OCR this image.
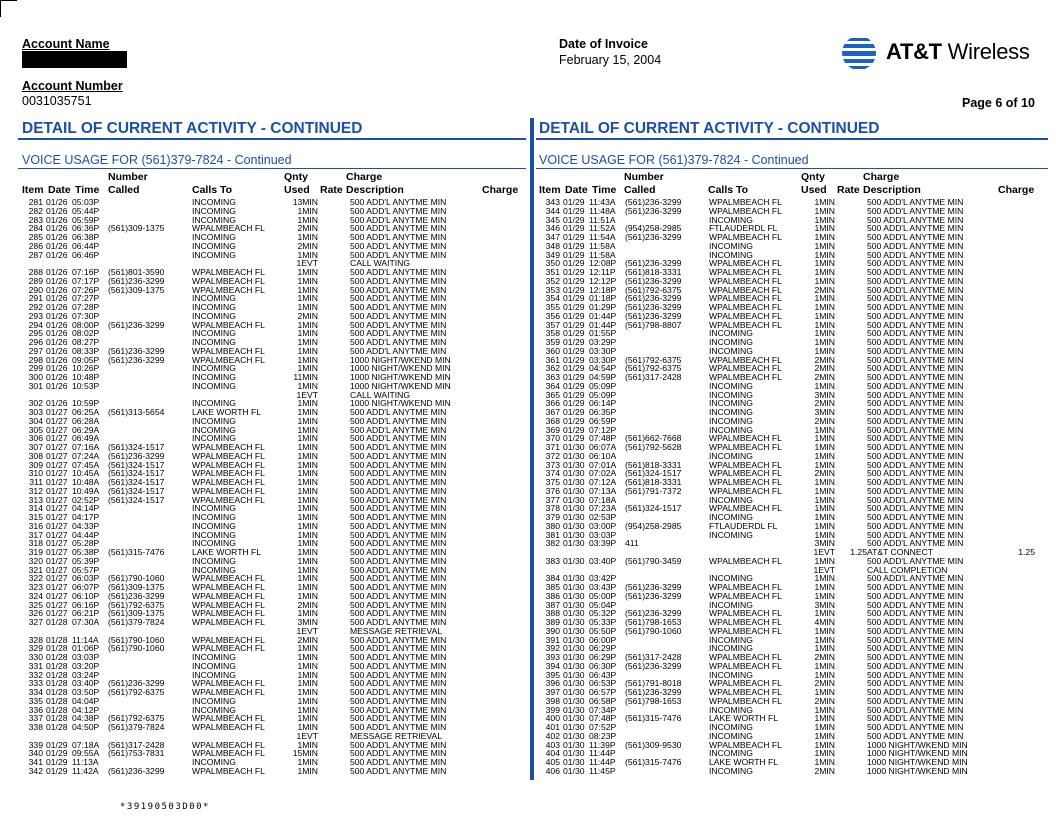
Account Name
Account Number
0031035751
Date of Invoice
February 15, 2004	AT&T Wireless
Page 6 of 10
DETAIL OF CURRENT ACTIVITY - CONTINUED
VOICE USAGE FOR (561)379-7824 - Continued
Number	Qnty	Charge
Item Date Time Called	Calls To	Used Rate Description	Charge
281 01/26 05:03P	INCOMING	13MIN	500 ADD'L ANYTME MIN
282 01/26 05:44P	INCOMING	1MIN	500 ADD'L ANYTME MIN
283 01/26 05:59P	INCOMING	1MIN	500 ADD'L ANYTME MIN
284 01/26 06:36P (561)309-1375	WPALMBEACH FL	2MIN	500 ADD'L ANYTME MIN
285 01/26 06:38P	INCOMING	1MIN	500 ADD'L ANYTME MIN
286 01/26 06:44P	INCOMING	2MIN	500 ADD'L ANYTME MIN
287 01/26 06:46P	INCOMING	1MIN	500 ADD'L ANYTME MIN
1EVT	CALL WAITING
288 01/26 07:16P (561)801-3590	WPALMBEACH FL	1MIN	500 ADD'L ANYTME MIN
289 01/26 07:17P (561)236-3299	WPALMBEACH FL	1MIN	500 ADD'L ANYTME MIN
290 01/26 07:26P (561)309-1375	WPALMBEACH FL	1MIN	500 ADD'L ANYTME MIN
291 01/26 07:27P	INCOMING	1MIN	500 ADD'L ANYTME MIN
292 01/26 07:28P	INCOMING	1MIN	500 ADD'L ANYTME MIN
293 01/26 07:30P	INCOMING	2MIN	500 ADD'L ANYTME MIN
294 01/26 08:00P (561)236-3299	WPALMBEACH FL	1MIN	500 ADD'L ANYTME MIN
295 01/26 08:02P	INCOMING	1MIN	500 ADD'L ANYTME MIN
296 01/26 08:27P	INCOMING	1MIN	500 ADD'L ANYTME MIN
297 01/26 08:33P (561)236-3299	WPALMBEACH FL	1MIN	500 ADD'L ANYTME MIN
298 01/26 09:05P (561)236-3299	WPALMBEACH FL	1MIN	1000 NIGHT/WKEND MIN
299 01/26 10:26P	INCOMING	1MIN	1000 NIGHT/WKEND MIN
300 01/26 10:48P	INCOMING	11MIN	1000 NIGHT/WKEND MIN
301 01/26 10:53P	INCOMING	1MIN	1000 NIGHT/WKEND MIN
1EVT	CALL WAITING
302 01/26 10:59P	INCOMING	1MIN	1000 NIGHT/WKEND MIN
303 01/27 06:25A (561)313-5654	LAKE WORTH FL	1MIN	500 ADD'L ANYTME MIN
304 01/27 06:28A	INCOMING	1MIN	500 ADD'L ANYTME MIN
305 01/27 06:29A	INCOMING	1MIN	500 ADD'L ANYTME MIN
306 01/27 06:49A	INCOMING	1MIN	500 ADD'L ANYTME MIN
307 01/27 07:16A (561)324-1517	WPALMBEACH FL	1MIN	500 ADD'L ANYTME MIN
308 01/27 07:24A (561)236-3299	WPALMBEACH FL	1MIN	500 ADD'L ANYTME MIN
309 01/27 07:45A (561)324-1517	WPALMBEACH FL	1MIN	500 ADD'L ANYTME MIN
310 01/27 10:45A (561)324-1517	WPALMBEACH FL	1MIN	500 ADD'L ANYTME MIN
311 01/27 10:48A (561)324-1517	WPALMBEACH FL	1MIN	500 ADD'L ANYTME MIN
312 01/27 10:49A (561)324-1517	WPALMBEACH FL	1MIN	500 ADD'L ANYTME MIN
313 01/27 02:52P (561)324-1517	WPALMBEACH FL	1MIN	500 ADD'L ANYTME MIN
314 01/27 04:14P	INCOMING	1MIN	500 ADD'L ANYTME MIN
315 01/27 04:17P	INCOMING	1MIN	500 ADD'L ANYTME MIN
316 01/27 04:33P	INCOMING	1MIN	500 ADD'L ANYTME MIN
317 01/27 04:44P	INCOMING	1MIN	500 ADD'L ANYTME MIN
318 01/27 05:28P	INCOMING	1MIN	500 ADD'L ANYTME MIN
319 01/27 05:38P (561)315-7476	LAKE WORTH FL	1MIN	500 ADD'L ANYTME MIN
320 01/27 05:39P	INCOMING	1MIN	500 ADD'L ANYTME MIN
321 01/27 05:57P	INCOMING	1MIN	500 ADD'L ANYTME MIN
322 01/27 06:03P (561)790-1060	WPALMBEACH FL	1MIN	500 ADD'L ANYTME MIN
323 01/27 06:07P (561)309-1375	WPALMBEACH FL	1MIN	500 ADD'L ANYTME MIN
324 01/27 06:10P (561)236-3299	WPALMBEACH FL	1MIN	500 ADD'L ANYTME MIN
325 01/27 06:16P (561)792-6375	WPALMBEACH FL	2MIN	500 ADD'L ANYTME MIN
326 01/27 06:21P (561)309-1375	WPALMBEACH FL	1MIN	500 ADD'L ANYTME MIN
327 01/28 07:30A (561)379-7824	WPALMBEACH FL	3MIN	500 ADD'L ANYTME MIN
1EVT	MESSAGE RETRIEVAL
328 01/28 11:14A (561)790-1060	WPALMBEACH FL	2MIN	500 ADD'L ANYTME MIN
329 01/28 01:06P (561)790-1060	WPALMBEACH FL	1MIN	500 ADD'L ANYTME MIN
330 01/28 03:03P	INCOMING	1MIN	500 ADD'L ANYTME MIN
331 01/28 03:20P	INCOMING	1MIN	500 ADD'L ANYTME MIN
332 01/28 03:24P	INCOMING	1MIN	500 ADD'L ANYTME MIN
333 01/28 03:40P (561)236-3299	WPALMBEACH FL	1MIN	500 ADD'L ANYTME MIN
334 01/28 03:50P (561)792-6375	WPALMBEACH FL	1MIN	500 ADD'L ANYTME MIN
335 01/28 04:04P	INCOMING	1MIN	500 ADD'L ANYTME MIN
336 01/28 04:12P	INCOMING	1MIN	500 ADD'L ANYTME MIN
337 01/28 04:38P (561)792-6375	WPALMBEACH FL	1MIN	500 ADD'L ANYTME MIN
338 01/28 04:50P (561)379-7824	WPALMBEACH FL	1MIN	500 ADD'L ANYTME MIN
1EVT	MESSAGE RETRIEVAL
339 01/29 07:18A (561)317-2428	WPALMBEACH FL	1MIN	500 ADD'L ANYTME MIN
340 01/29 09:55A (561)753-7831	WPALMBEACH FL	15MIN	500 ADD'L ANYTME MIN
341 01/29 11:13A	INCOMING	1MIN	500 ADD'L ANYTME MIN
342 01/29 11:42A (561)236-3299	WPALMBEACH FL	1MIN	500 ADD'L ANYTME MIN
DETAIL OF CURRENT ACTIVITY - CONTINUED
VOICE USAGE FOR (561)379-7824 - Continued
Number	Qnty	Charge
Item Date Time Called	Calls To	Used Rate Description	Charge
343 01/29 11:43A (561)236-3299	WPALMBEACH FL	1MIN	500 ADD'L ANYTME MIN
344 01/29 11:48A (561)236-3299	WPALMBEACH FL	1MIN	500 ADD'L ANYTME MIN
345 01/29 11:51A	INCOMING	1MIN	500 ADD'L ANYTME MIN
346 01/29 11:52A (954)258-2985	FTLAUDERDL FL	1MIN	500 ADD'L ANYTME MIN
347 01/29 11:54A (561)236-3299	WPALMBEACH FL	1MIN	500 ADD'L ANYTME MIN
348 01/29 11:58A	INCOMING	1MIN	500 ADD'L ANYTME MIN
349 01/29 11:58A	INCOMING	1MIN	500 ADD'L ANYTME MIN
350 01/29 12:08P (561)236-3299	WPALMBEACH FL	1MIN	500 ADD'L ANYTME MIN
351 01/29 12:11P (561)818-3331	WPALMBEACH FL	1MIN	500 ADD'L ANYTME MIN
352 01/29 12:12P (561)236-3299	WPALMBEACH FL	1MIN	500 ADD'L ANYTME MIN
353 01/29 12:18P (561)792-6375	WPALMBEACH FL	2MIN	500 ADD'L ANYTME MIN
354 01/29 01:18P (561)236-3299	WPALMBEACH FL	1MIN	500 ADD'L ANYTME MIN
355 01/29 01:29P (561)236-3299	WPALMBEACH FL	1MIN	500 ADD'L ANYTME MIN
356 01/29 01:44P (561)236-3299	WPALMBEACH FL	1MIN	500 ADD'L ANYTME MIN
357 01/29 01:44P (561)798-8807	WPALMBEACH FL	1MIN	500 ADD'L ANYTME MIN
358 01/29 01:55P	INCOMING	1MIN	500 ADD'L ANYTME MIN
359 01/29 03:29P	INCOMING	1MIN	500 ADD'L ANYTME MIN
360 01/29 03:30P	INCOMING	1MIN	500 ADD'L ANYTME MIN
361 01/29 03:30P (561)792-6375	WPALMBEACH FL	2MIN	500 ADD'L ANYTME MIN
362 01/29 04:54P (561)792-6375	WPALMBEACH FL	2MIN	500 ADD'L ANYTME MIN
363 01/29 04:59P (561)317-2428	WPALMBEACH FL	2MIN	500 ADD'L ANYTME MIN
364 01/29 05:09P	INCOMING	1MIN	500 ADD'L ANYTME MIN
365 01/29 05:09P	INCOMING	3MIN	500 ADD'L ANYTME MIN
366 01/29 06:14P	INCOMING	2MIN	500 ADD'L ANYTME MIN
367 01/29 06:35P	INCOMING	3MIN	500 ADD'L ANYTME MIN
368 01/29 06:59P	INCOMING	2MIN	500 ADD'L ANYTME MIN
369 01/29 07:12P	INCOMING	1MIN	500 ADD'L ANYTME MIN
370 01/29 07:48P (561)662-7668	WPALMBEACH FL	1MIN	500 ADD'L ANYTME MIN
371 01/30 06:07A (561)792-5628	WPALMBEACH FL	1MIN	500 ADD'L ANYTME MIN
372 01/30 06:10A	INCOMING	1MIN	500 ADD'L ANYTME MIN
373 01/30 07:01A (561)818-3331	WPALMBEACH FL	1MIN	500 ADD'L ANYTME MIN
374 01/30 07:02A (561)324-1517	WPALMBEACH FL	2MIN	500 ADD'L ANYTME MIN
375 01/30 07:12A (561)818-3331	WPALMBEACH FL	1MIN	500 ADD'L ANYTME MIN
376 01/30 07:13A (561)791-7372	WPALMBEACH FL	1MIN	500 ADD'L ANYTME MIN
377 01/30 07:18A	INCOMING	1MIN	500 ADD'L ANYTME MIN
378 01/30 07:23A (561)324-1517	WPALMBEACH FL	1MIN	500 ADD'L ANYTME MIN
379 01/30 02:53P	INCOMING	1MIN	500 ADD'L ANYTME MIN
380 01/30 03:00P (954)258-2985	FTLAUDERDL FL	1MIN	500 ADD'L ANYTME MIN
381 01/30 03:03P	INCOMING	1MIN	500 ADD'L ANYTME MIN
382 01/30 03:39P 411	3MIN	500 ADD'L ANYTME MIN
1EVT	1.25 AT&T CONNECT	1.25
383 01/30 03:40P (561)790-3459	WPALMBEACH FL	1MIN	500 ADD'L ANYTME MIN
1EVT	CALL COMPLETION
384 01/30 03:42P	INCOMING	1MIN	500 ADD'L ANYTME MIN
385 01/30 03:43P (561)236-3299	WPALMBEACH FL	1MIN	500 ADD'L ANYTME MIN
386 01/30 05:00P (561)236-3299	WPALMBEACH FL	1MIN	500 ADD'L ANYTME MIN
387 01/30 05:04P	INCOMING	3MIN	500 ADD'L ANYTME MIN
388 01/30 05:32P (561)236-3299	WPALMBEACH FL	1MIN	500 ADD'L ANYTME MIN
389 01/30 05:33P (561)798-1653	WPALMBEACH FL	4MIN	500 ADD'L ANYTME MIN
390 01/30 05:50P (561)790-1060	WPALMBEACH FL	1MIN	500 ADD'L ANYTME MIN
391 01/30 06:00P	INCOMING	1MIN	500 ADD'L ANYTME MIN
392 01/30 06:29P	INCOMING	1MIN	500 ADD'L ANYTME MIN
393 01/30 06:29P (561)317-2428	WPALMBEACH FL	2MIN	500 ADD'L ANYTME MIN
394 01/30 06:30P (561)236-3299	WPALMBEACH FL	1MIN	500 ADD'L ANYTME MIN
395 01/30 06:43P	INCOMING	1MIN	500 ADD'L ANYTME MIN
396 01/30 06:53P (561)791-8018	WPALMBEACH FL	2MIN	500 ADD'L ANYTME MIN
397 01/30 06:57P (561)236-3299	WPALMBEACH FL	1MIN	500 ADD'L ANYTME MIN
398 01/30 06:58P (561)798-1653	WPALMBEACH FL	2MIN	500 ADD'L ANYTME MIN
399 01/30 07:34P	INCOMING	1MIN	500 ADD'L ANYTME MIN
400 01/30 07:48P (561)315-7476	LAKE WORTH FL	1MIN	500 ADD'L ANYTME MIN
401 01/30 07:52P	INCOMING	1MIN	500 ADD'L ANYTME MIN
402 01/30 08:23P	INCOMING	1MIN	500 ADD'L ANYTME MIN
403 01/30 11:39P (561)309-9530	WPALMBEACH FL	1MIN	1000 NIGHT/WKEND MIN
404 01/30 11:44P	INCOMING	1MIN	1000 NIGHT/WKEND MIN
405 01/30 11:44P (561)315-7476	LAKE WORTH FL	1MIN	1000 NIGHT/WKEND MIN
406 01/30 11:45P	INCOMING	2MIN	1000 NIGHT/WKEND MIN
*39190503D00*
